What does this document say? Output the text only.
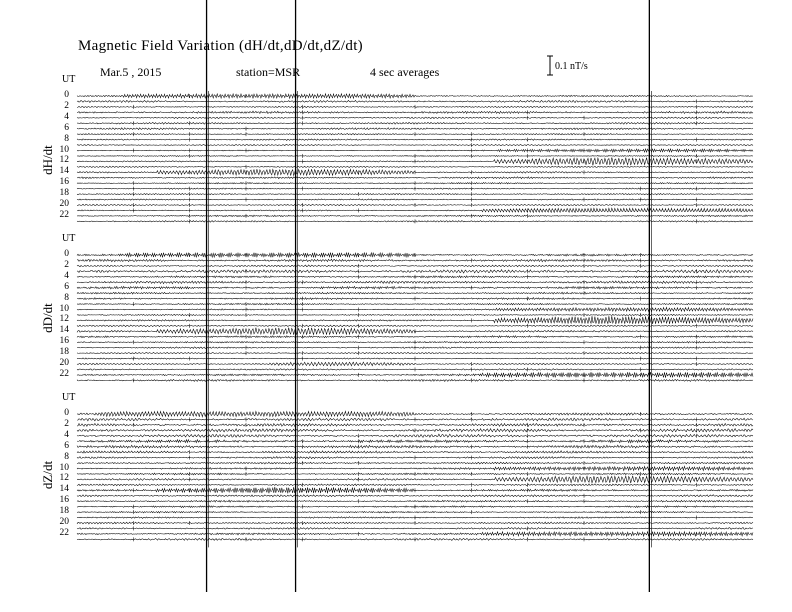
Magnetic Field Variation (dH/dt,dD/dt,dZ/dt)
Mar.5 , 2015	station=MSR	4 sec averages	0.1 nT/s
dH/dt
UT
0
2
4
6
8
10
12
14
16
18
20
22
dD/dt
UT
0
2
4
6
8
10
12
14
16
18
20
22
dZ/dt
UT
0
2
4
6
8
10
12
14
16
18
20
22
